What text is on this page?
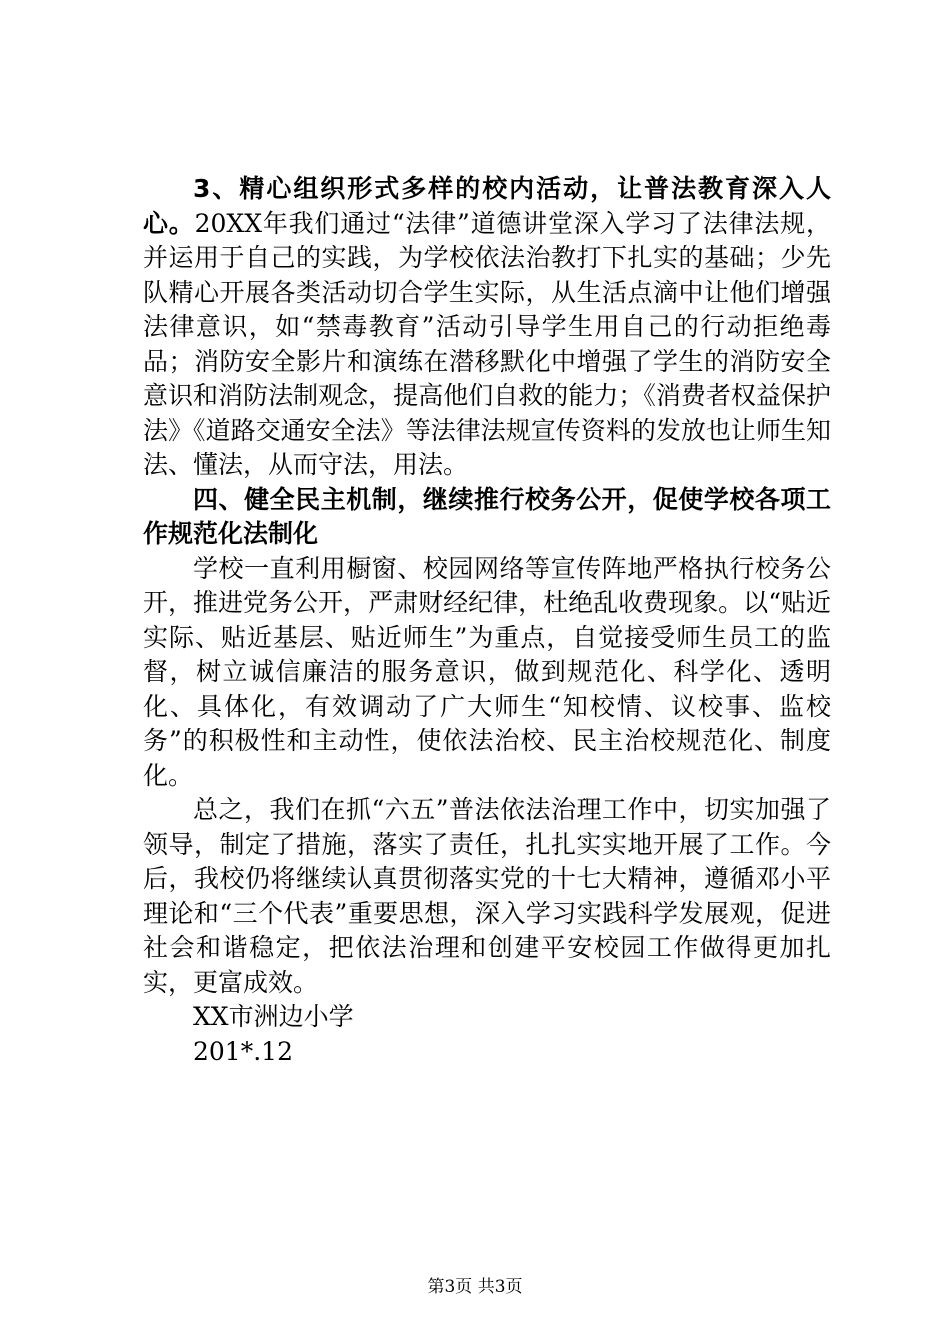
3、精心组织形式多样的校内活动，让普法教育深入人心。20XX年我们通过“法律”道德讲堂深入学习了法律法规，并运用于自己的实践，为学校依法治教打下扎实的基础；少先队精心开展各类活动切合学生实际，从生活点滴中让他们增强法律意识，如“禁毒教育”活动引导学生用自己的行动拒绝毒品；消防安全影片和演练在潜移默化中增强了学生的消防安全意识和消防法制观念，提高他们自救的能力；《消费者权益保护法》《道路交通安全法》等法律法规宣传资料的发放也让师生知法、懂法，从而守法，用法。

四、健全民主机制，继续推行校务公开，促使学校各项工作规范化法制化

学校一直利用橱窗、校园网络等宣传阵地严格执行校务公开，推进党务公开，严肃财经纪律，杜绝乱收费现象。以“贴近实际、贴近基层、贴近师生”为重点，自觉接受师生员工的监督，树立诚信廉洁的服务意识，做到规范化、科学化、透明化、具体化，有效调动了广大师生“知校情、议校事、监校务”的积极性和主动性，使依法治校、民主治校规范化、制度化。

总之，我们在抓“六五”普法依法治理工作中，切实加强了领导，制定了措施，落实了责任，扎扎实实地开展了工作。今后，我校仍将继续认真贯彻落实党的十七大精神，遵循邓小平理论和“三个代表”重要思想，深入学习实践科学发展观，促进社会和谐稳定，把依法治理和创建平安校园工作做得更加扎实，更富成效。

XX市洲边小学

201*.12

第3页 共3页
